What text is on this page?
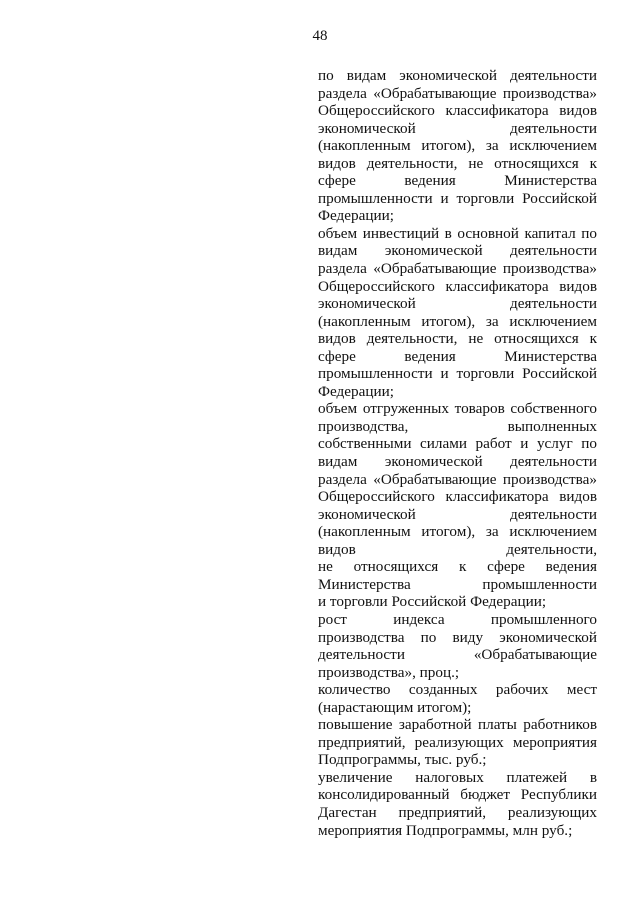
48
по видам экономической деятельности
раздела «Обрабатывающие производства»
Общероссийского классификатора видов
экономической деятельности
(накопленным итогом), за исключением
видов деятельности, не относящихся к
сфере ведения Министерства
промышленности и торговли Российской
Федерации;
объем инвестиций в основной капитал по
видам экономической деятельности
раздела «Обрабатывающие производства»
Общероссийского классификатора видов
экономической деятельности
(накопленным итогом), за исключением
видов деятельности, не относящихся к
сфере ведения Министерства
промышленности и торговли Российской
Федерации;
объем отгруженных товаров собственного
производства, выполненных
собственными силами работ и услуг по
видам экономической деятельности
раздела «Обрабатывающие производства»
Общероссийского классификатора видов
экономической деятельности
(накопленным итогом), за исключением
видов деятельности,
не относящихся к сфере ведения
Министерства промышленности
и торговли Российской Федерации;
рост индекса промышленного
производства по виду экономической
деятельности «Обрабатывающие
производства», проц.;
количество созданных рабочих мест
(нарастающим итогом);
повышение заработной платы работников
предприятий, реализующих мероприятия
Подпрограммы, тыс. руб.;
увеличение налоговых платежей в
консолидированный бюджет Республики
Дагестан предприятий, реализующих
мероприятия Подпрограммы, млн руб.;
